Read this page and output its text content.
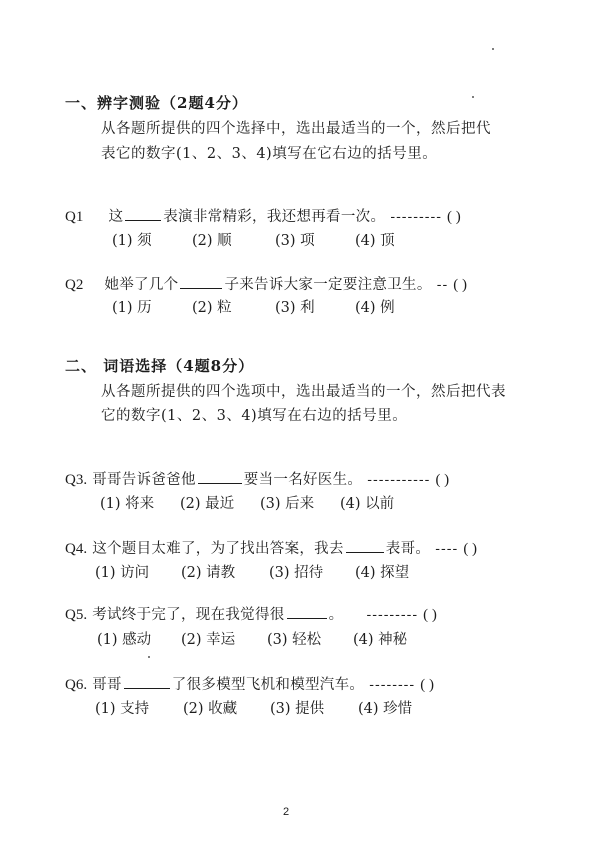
一、辨字测验（2题4分）
从各题所提供的四个选择中，选出最适当的一个，然后把代
表它的数字(1、2、3、4)填写在它右边的括号里。
Q1 这	表演非常精彩，我还想再看一次。 --------- ( )
(1) 须	(2) 顺	(3) 项	(4) 顶
Q2 她举了几个	子来告诉大家一定要注意卫生。 -- ( )
(1) 历	(2) 粒	(3) 利	(4) 例
二、 词语选择（4题8分）
从各题所提供的四个选项中，选出最适当的一个，然后把代表
它的数字(1、2、3、4)填写在右边的括号里。
Q3. 哥哥告诉爸爸他	要当一名好医生。 ----------- ( )
(1) 将来 (2) 最近 (3) 后来 (4) 以前
Q4. 这个题目太难了，为了找出答案，我去	表哥。 ---- ( )
(1) 访问 (2) 请教 (3) 招待 (4) 探望
Q5. 考试终于完了，现在我觉得很	。 --------- ( )
(1) 感动 (2) 幸运 (3) 轻松 (4) 神秘
Q6. 哥哥	了很多模型飞机和模型汽车。 -------- ( )
(1) 支持 (2) 收藏 (3) 提供 (4) 珍惜
2
